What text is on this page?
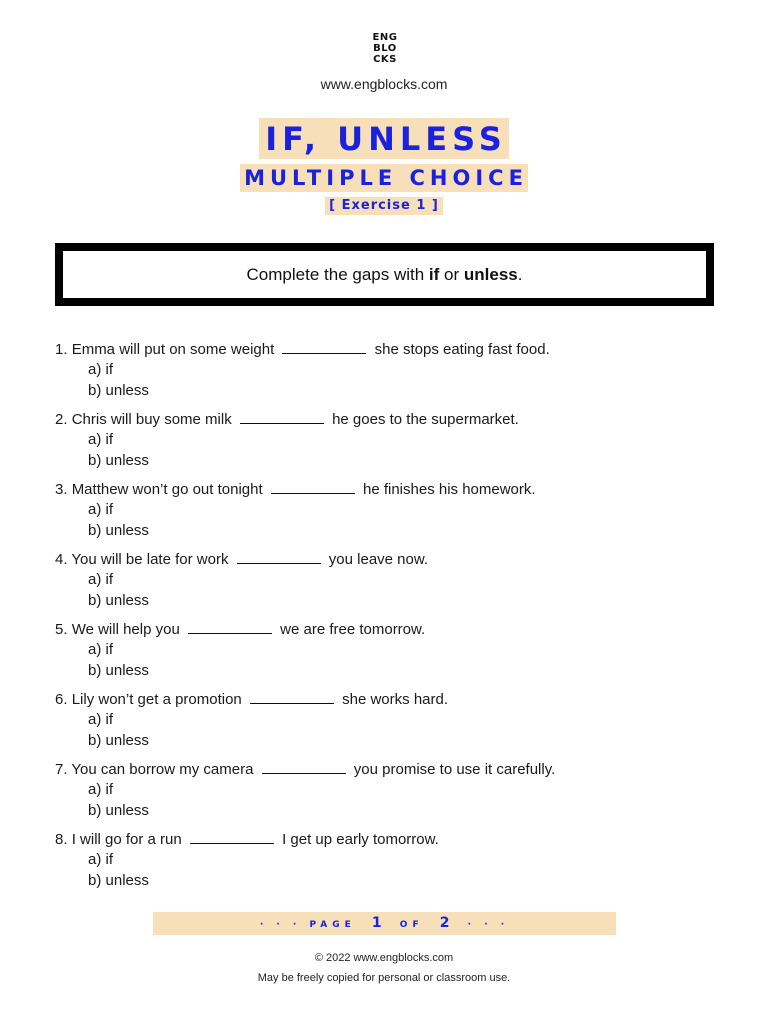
ENG
BLO
CKS
www.engblocks.com
IF, UNLESS
MULTIPLE CHOICE
[ Exercise 1 ]
Complete the gaps with if or unless .
1. Emma will put on some weight	she stops eating fast food.
a) if
b) unless
2. Chris will buy some milk	he goes to the supermarket.
a) if
b) unless
3. Matthew won’t go out tonight	he finishes his homework.
a) if
b) unless
4. You will be late for work	you leave now.
a) if
b) unless
5. We will help you	we are free tomorrow.
a) if
b) unless
6. Lily won’t get a promotion	she works hard.
a) if
b) unless
7. You can borrow my camera	you promise to use it carefully.
a) if
b) unless
8. I will go for a run	I get up early tomorrow.
a) if
b) unless
· · · PAGE 1 OF 2 · · ·
© 2022 www.engblocks.com
May be freely copied for personal or classroom use.
